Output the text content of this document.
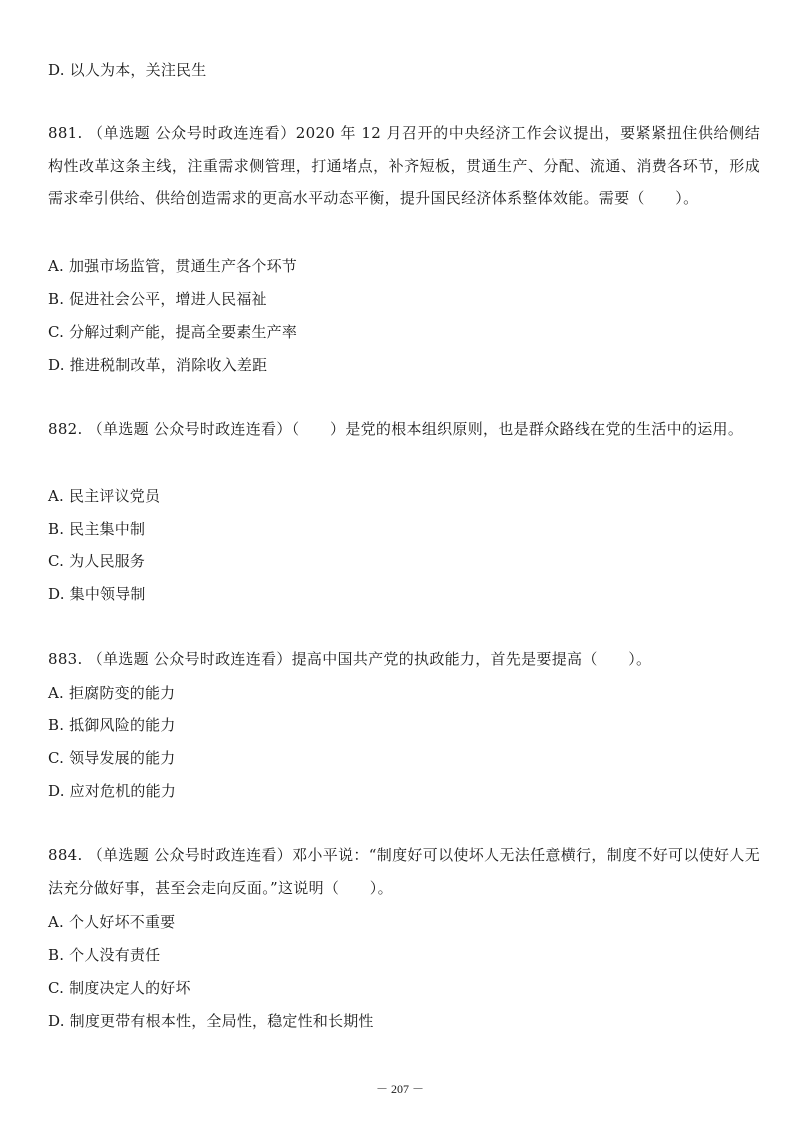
D. 以人为本，关注民生
881. （单选题 公众号时政连连看）2020 年 12 月召开的中央经济工作会议提出，要紧紧扭住供给侧结构性改革这条主线，注重需求侧管理，打通堵点，补齐短板，贯通生产、分配、流通、消费各环节，形成需求牵引供给、供给创造需求的更高水平动态平衡，提升国民经济体系整体效能。需要（　　）。
A. 加强市场监管，贯通生产各个环节
B. 促进社会公平，增进人民福祉
C. 分解过剩产能，提高全要素生产率
D. 推进税制改革，消除收入差距
882. （单选题 公众号时政连连看）（　　）是党的根本组织原则，也是群众路线在党的生活中的运用。
A. 民主评议党员
B. 民主集中制
C. 为人民服务
D. 集中领导制
883. （单选题 公众号时政连连看）提高中国共产党的执政能力，首先是要提高（　　）。
A. 拒腐防变的能力
B. 抵御风险的能力
C. 领导发展的能力
D. 应对危机的能力
884. （单选题 公众号时政连连看）邓小平说：“制度好可以使坏人无法任意横行，制度不好可以使好人无法充分做好事，甚至会走向反面。”这说明（　　）。
A. 个人好坏不重要
B. 个人没有责任
C. 制度决定人的好坏
D. 制度更带有根本性，全局性，稳定性和长期性
－ 207 －
